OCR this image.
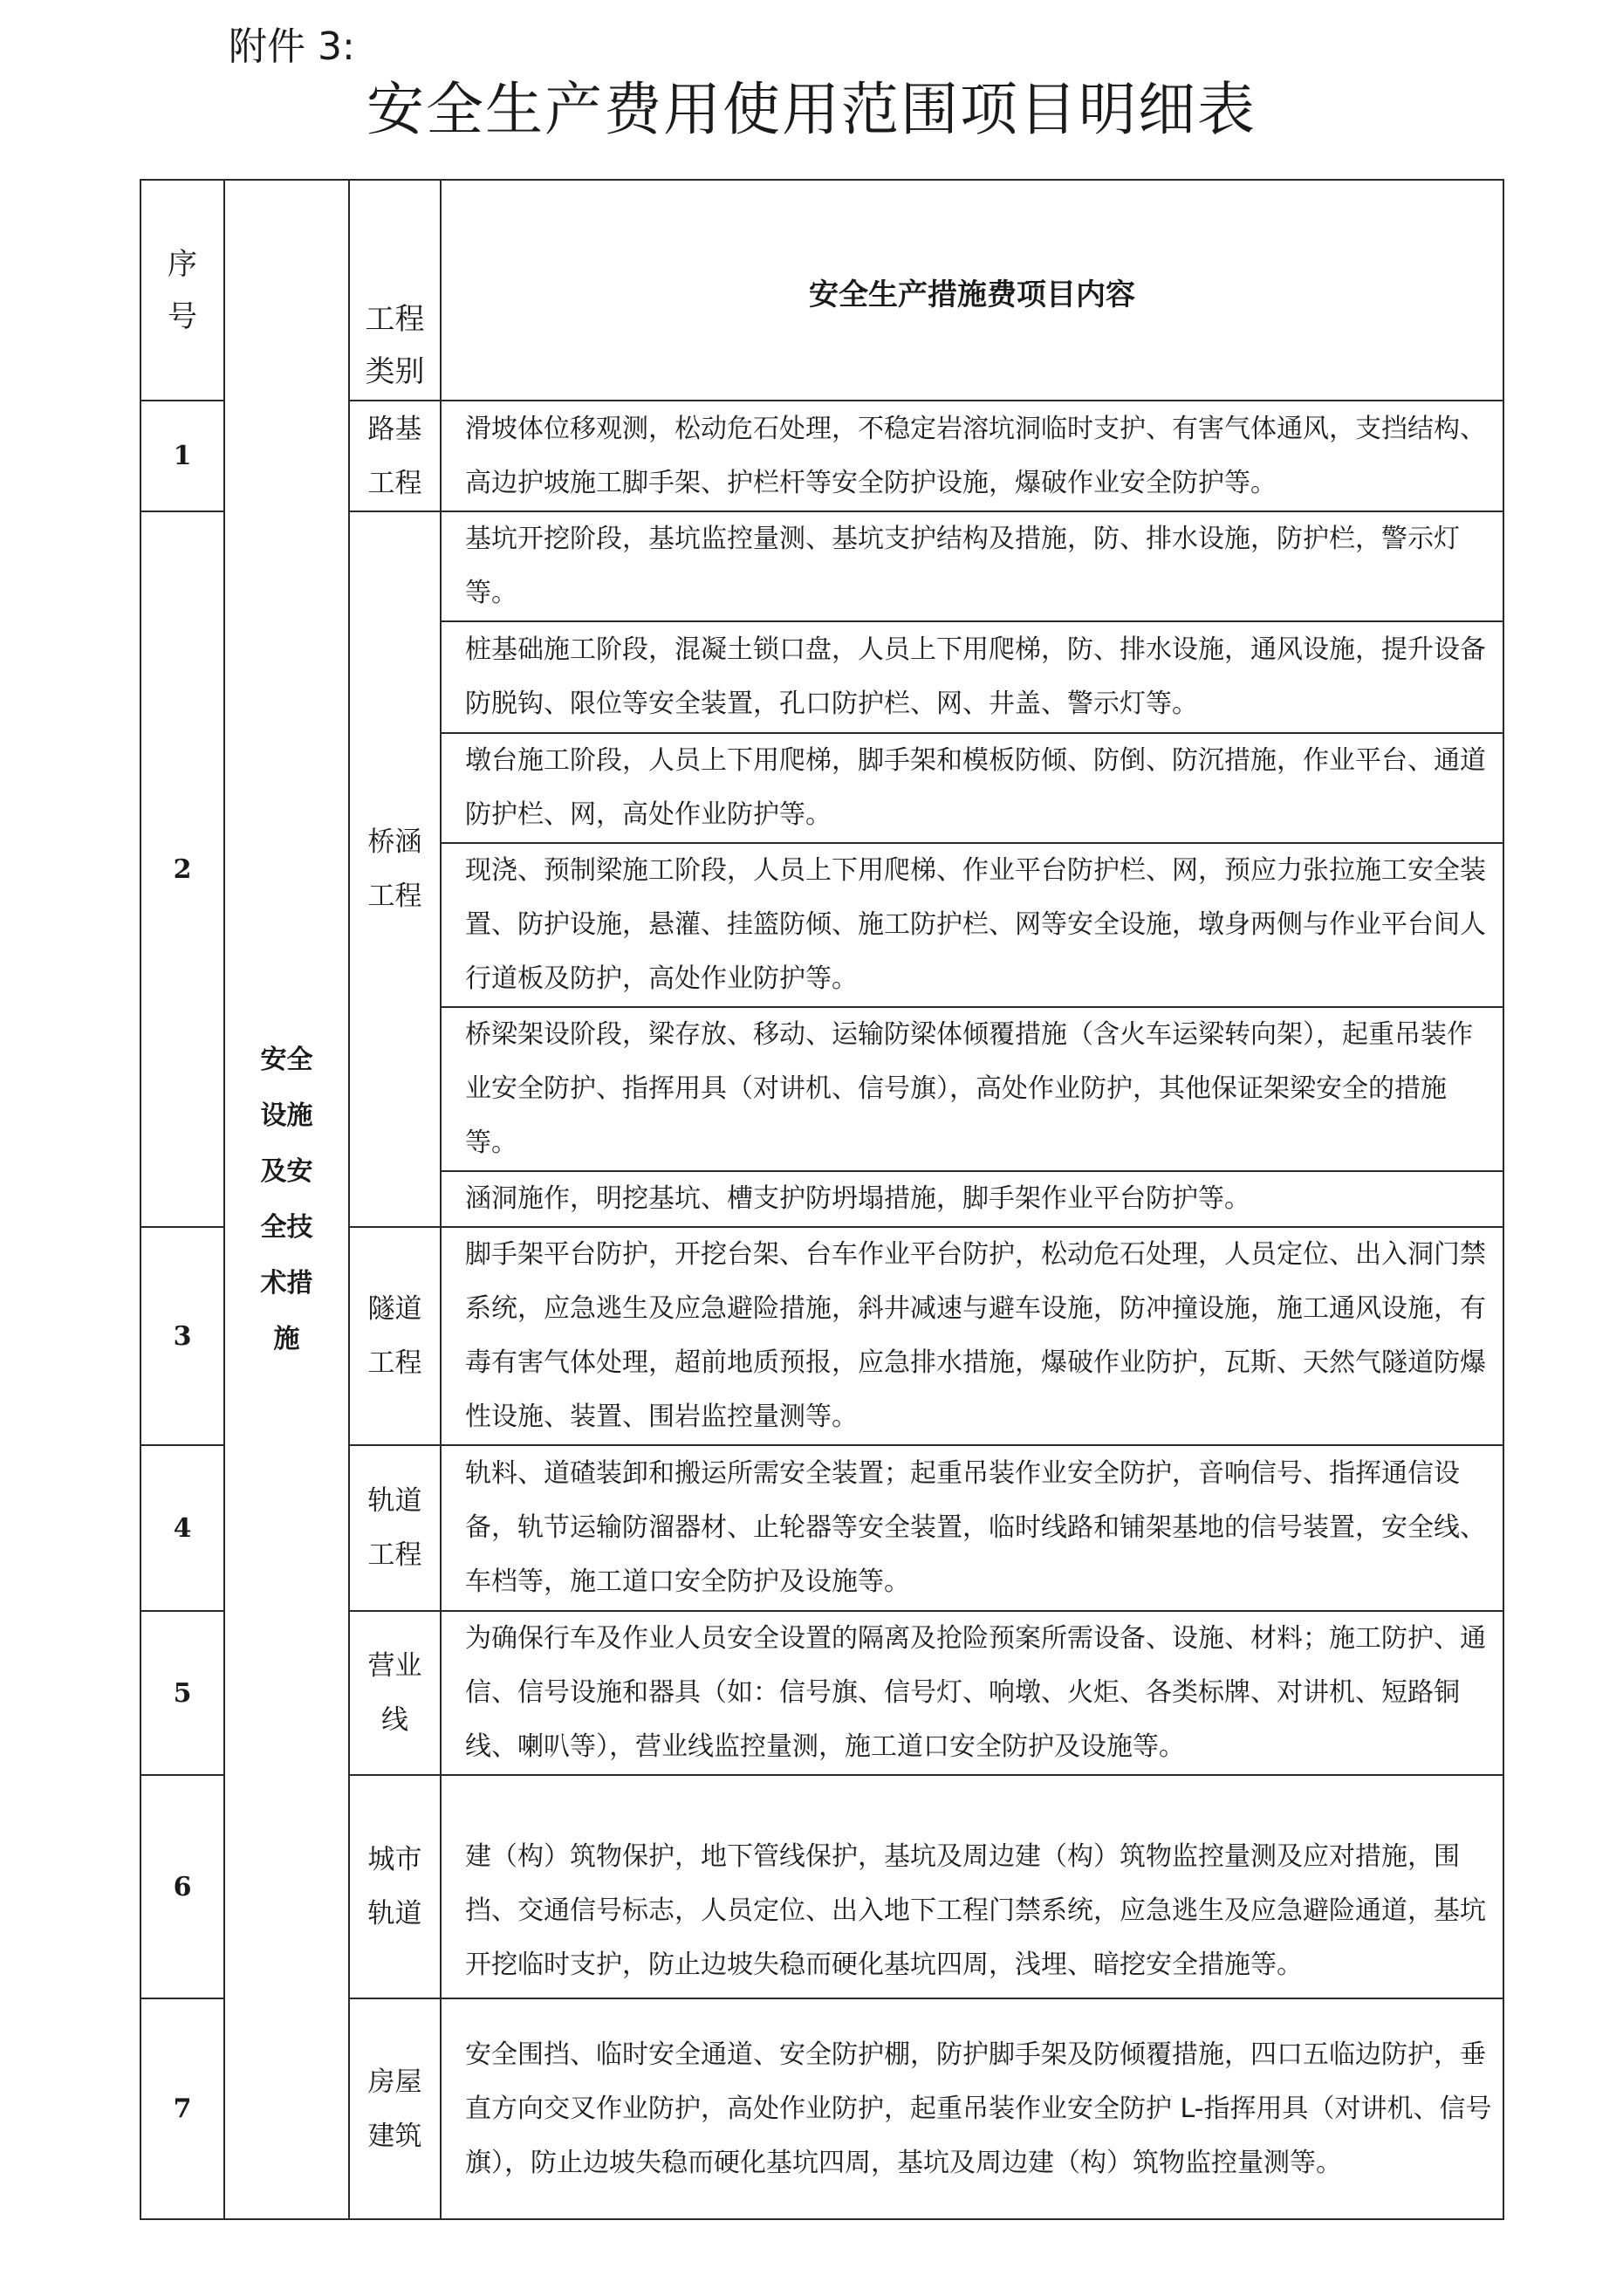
附件 3:
安全生产费用使用范围项目明细表
序号	安全设施及安全技术措施	工程类别	安全生产措施费项目内容
1		路基工程	滑坡体位移观测，松动危石处理，不稳定岩溶坑洞临时支护、有害气体通风，支挡结构、高边护坡施工脚手架、护栏杆等安全防护设施，爆破作业安全防护等。
2		桥涵工程	基坑开挖阶段，基坑监控量测、基坑支护结构及措施，防、排水设施，防护栏，警示灯等。
			桩基础施工阶段，混凝土锁口盘，人员上下用爬梯，防、排水设施，通风设施，提升设备防脱钩、限位等安全装置，孔口防护栏、网、井盖、警示灯等。
			墩台施工阶段，人员上下用爬梯，脚手架和模板防倾、防倒、防沉措施，作业平台、通道防护栏、网，高处作业防护等。
			现浇、预制梁施工阶段，人员上下用爬梯、作业平台防护栏、网，预应力张拉施工安全装置、防护设施，悬灌、挂篮防倾、施工防护栏、网等安全设施，墩身两侧与作业平台间人行道板及防护，高处作业防护等。
			桥梁架设阶段，梁存放、移动、运输防梁体倾覆措施（含火车运梁转向架），起重吊装作业安全防护、指挥用具（对讲机、信号旗），高处作业防护，其他保证架梁安全的措施等。
			涵洞施作，明挖基坑、槽支护防坍塌措施，脚手架作业平台防护等。
3		隧道工程	脚手架平台防护，开挖台架、台车作业平台防护，松动危石处理，人员定位、出入洞门禁系统，应急逃生及应急避险措施，斜井减速与避车设施，防冲撞设施，施工通风设施，有毒有害气体处理，超前地质预报，应急排水措施，爆破作业防护，瓦斯、天然气隧道防爆性设施、装置、围岩监控量测等。
4		轨道工程	轨料、道碴装卸和搬运所需安全装置；起重吊装作业安全防护，音响信号、指挥通信设备，轨节运输防溜器材、止轮器等安全装置，临时线路和铺架基地的信号装置，安全线、车档等，施工道口安全防护及设施等。
5		营业线	为确保行车及作业人员安全设置的隔离及抢险预案所需设备、设施、材料；施工防护、通信、信号设施和器具（如：信号旗、信号灯、响墩、火炬、各类标牌、对讲机、短路铜线、喇叭等），营业线监控量测，施工道口安全防护及设施等。
6		城市轨道	建（构）筑物保护，地下管线保护，基坑及周边建（构）筑物监控量测及应对措施，围挡、交通信号标志，人员定位、出入地下工程门禁系统，应急逃生及应急避险通道，基坑开挖临时支护，防止边坡失稳而硬化基坑四周，浅埋、暗挖安全措施等。
7		房屋建筑	安全围挡、临时安全通道、安全防护棚，防护脚手架及防倾覆措施，四口五临边防护，垂直方向交叉作业防护，高处作业防护，起重吊装作业安全防护 L-指挥用具（对讲机、信号旗），防止边坡失稳而硬化基坑四周，基坑及周边建（构）筑物监控量测等。
